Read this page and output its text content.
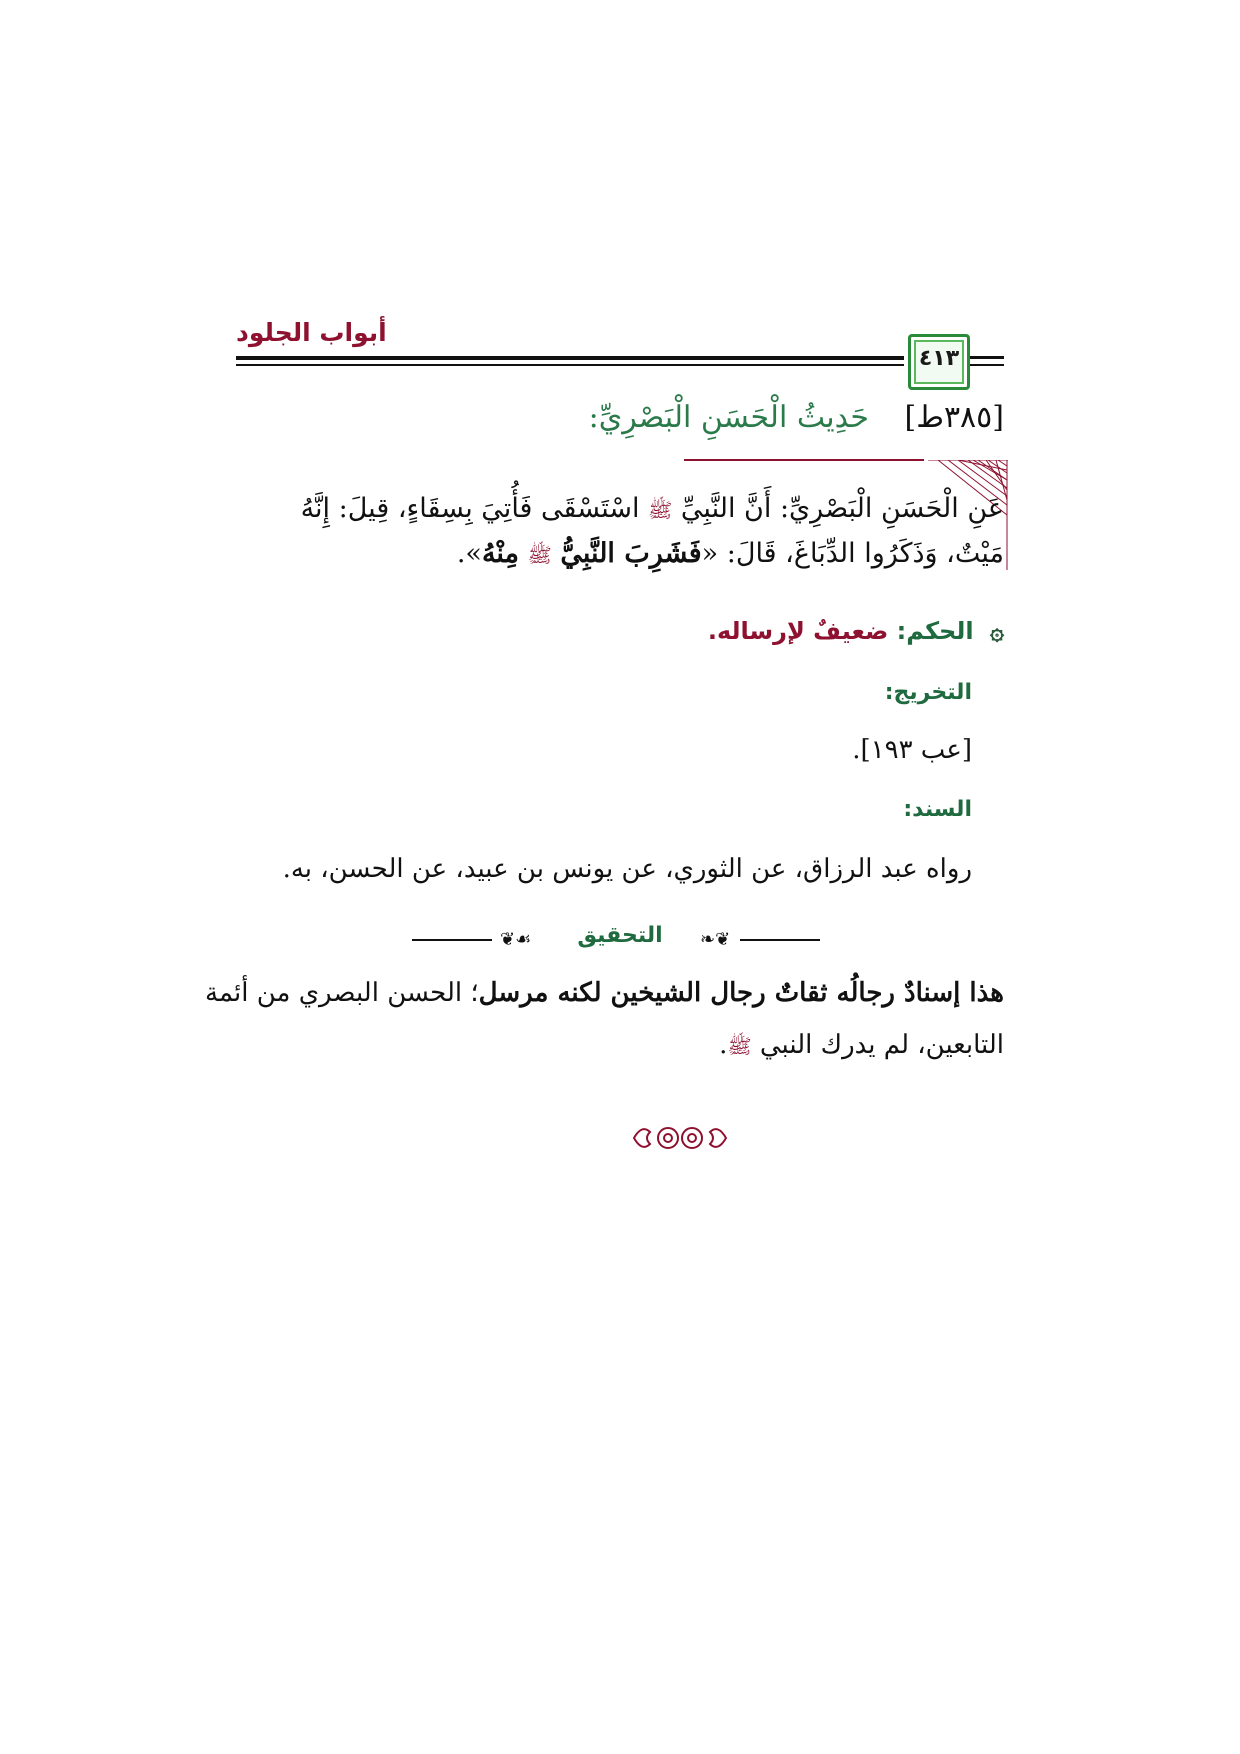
أبواب الجلود
٤١٣
[٣٨٥ط] حَدِيثُ الْحَسَنِ الْبَصْرِيِّ:
عَنِ الْحَسَنِ الْبَصْرِيِّ: أَنَّ النَّبِيِّ ﷺ اسْتَسْقَى فَأُتِيَ بِسِقَاءٍ، قِيلَ: إِنَّهُ
مَيْتٌ، وَذَكَرُوا الدِّبَاغَ، قَالَ: «فَشَرِبَ النَّبِيُّ ﷺ مِنْهُ».
۞ الحكم: ضعيفٌ لإرساله.
التخريج:
[عب ١٩٣].
السند:
رواه عبد الرزاق، عن الثوري، عن يونس بن عبيد، عن الحسن، به.
❧❦
❦☙	التحقيق
هذا إسنادٌ رجالُه ثقاتٌ رجال الشيخين لكنه مرسل؛ الحسن البصري من أئمة
التابعين، لم يدرك النبي ﷺ.
